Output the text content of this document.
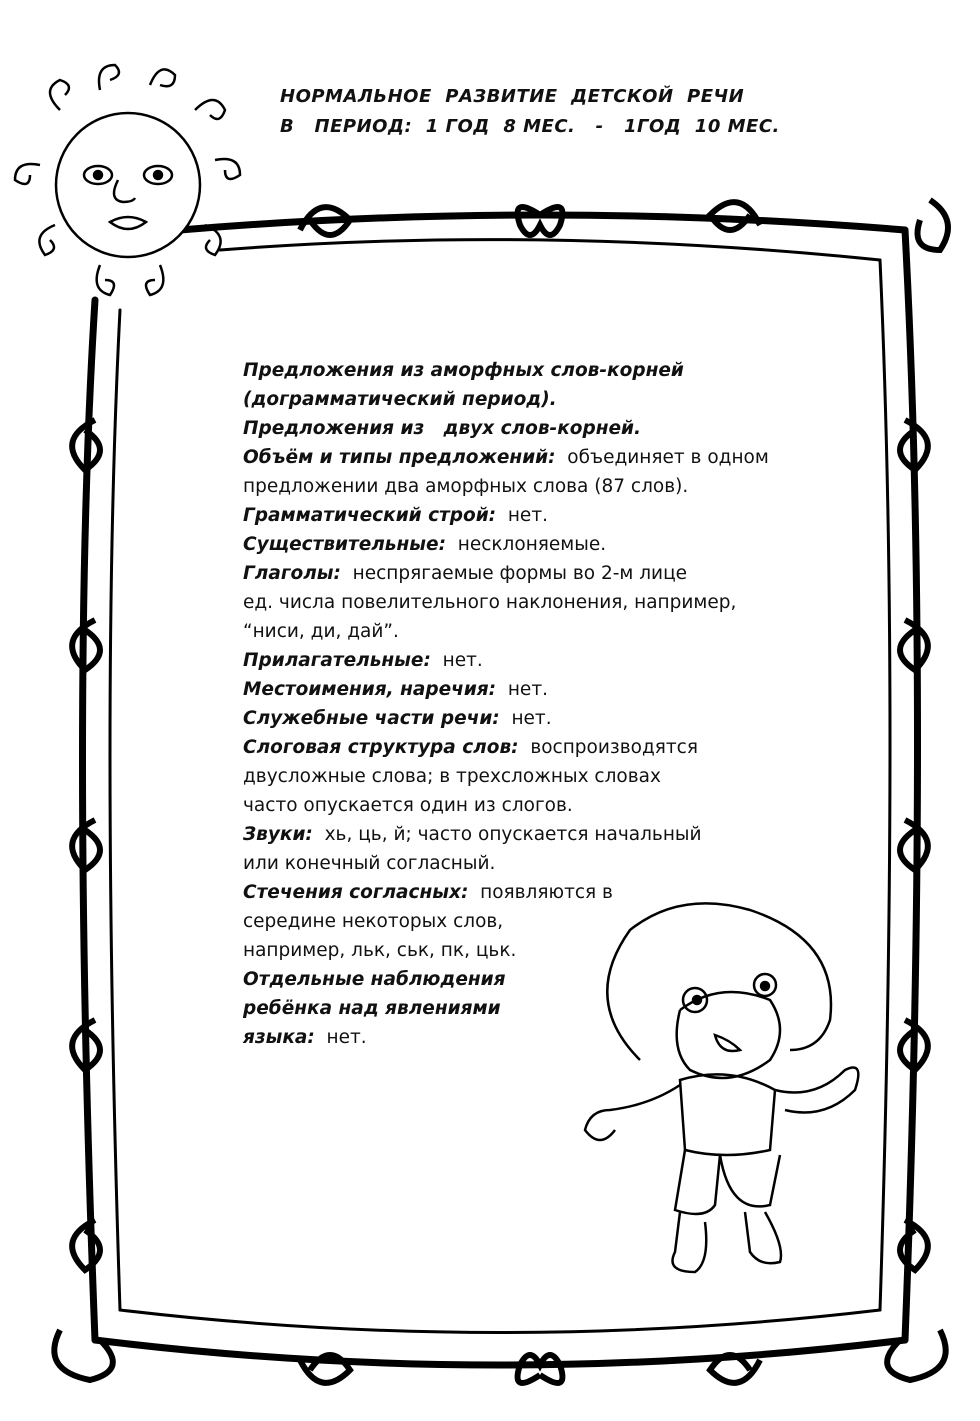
НОРМАЛЬНОЕ  РАЗВИТИЕ  ДЕТСКОЙ  РЕЧИ
В   ПЕРИОД:  1 ГОД  8 МЕС.   -   1ГОД  10 МЕС.
Предложения из аморфных слов-корней
(дограмматический период).
Предложения из   двух слов-корней.
Объём и типы предложений:  объединяет в одном
предложении два аморфных слова (87 слов).
Грамматический строй:  нет.
Существительные:  несклоняемые.
Глаголы:  неспрягаемые формы во 2-м лице
ед. числа повелительного наклонения, например,
“ниси, ди, дай”.
Прилагательные:  нет.
Местоимения, наречия:  нет.
Служебные части речи:  нет.
Слоговая структура слов:  воспроизводятся
двусложные слова; в трехсложных словах
часто опускается один из слогов.
Звуки:  хь, ць, й; часто опускается начальный
или конечный согласный.
Стечения согласных:  появляются в
середине некоторых слов,
например, льк, ськ, пк, цьк.
Отдельные наблюдения
ребёнка над явлениями
языка:  нет.
